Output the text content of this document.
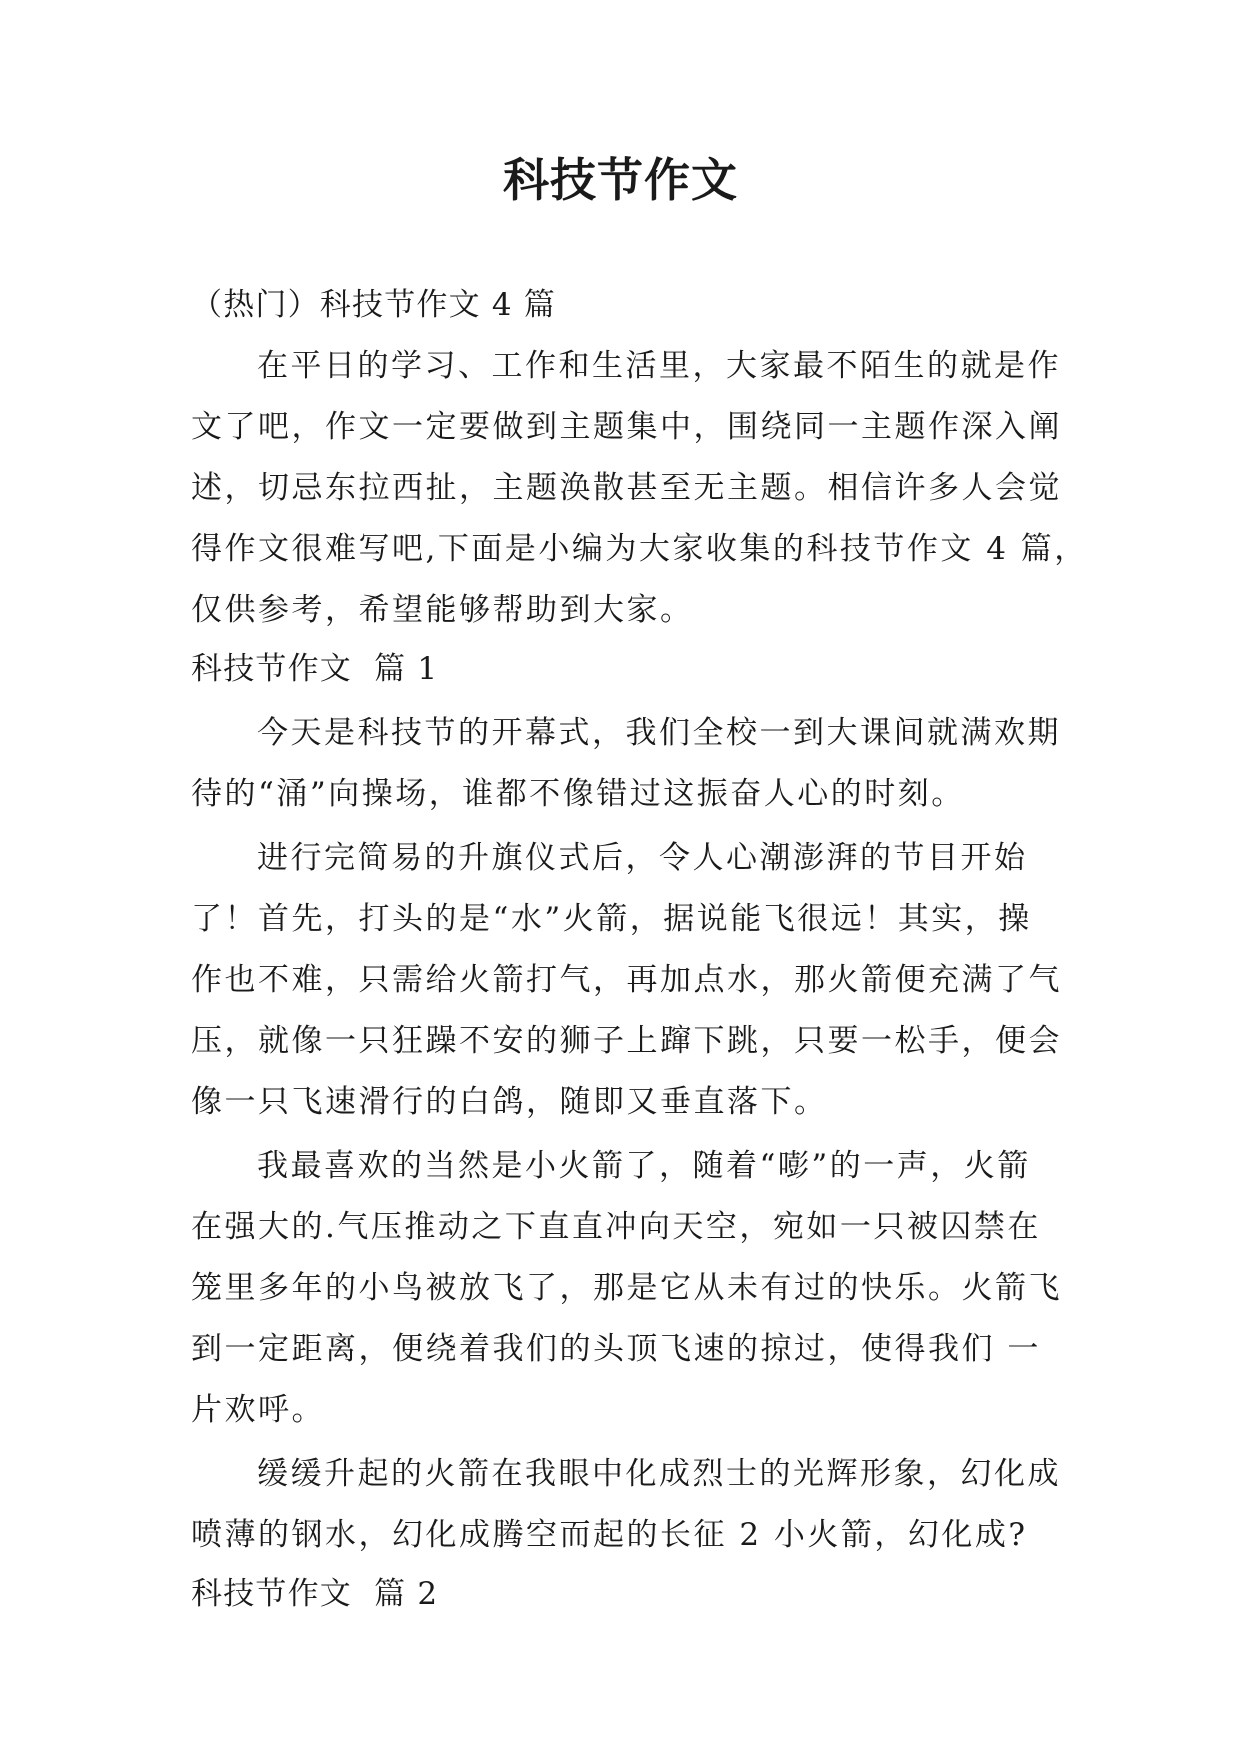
科技节作文

（热门）科技节作文 4 篇

在平日的学习、工作和生活里，大家最不陌生的就是作

文了吧，作文一定要做到主题集中，围绕同一主题作深入阐

述，切忌东拉西扯，主题涣散甚至无主题。相信许多人会觉

得作文很难写吧,下面是小编为大家收集的科技节作文 4 篇，

仅供参考，希望能够帮助到大家。

科技节作文  篇 1

今天是科技节的开幕式，我们全校一到大课间就满欢期

待的“涌”向操场，谁都不像错过这振奋人心的时刻。

进行完简易的升旗仪式后，令人心潮澎湃的节目开始

了！首先，打头的是“水”火箭，据说能飞很远！其实，操

作也不难，只需给火箭打气，再加点水，那火箭便充满了气

压，就像一只狂躁不安的狮子上蹿下跳，只要一松手，便会

像一只飞速滑行的白鸽，随即又垂直落下。

我最喜欢的当然是小火箭了，随着“嘭”的一声，火箭

在强大的.气压推动之下直直冲向天空，宛如一只被囚禁在

笼里多年的小鸟被放飞了，那是它从未有过的快乐。火箭飞

到一定距离，便绕着我们的头顶飞速的掠过，使得我们 一

片欢呼。

缓缓升起的火箭在我眼中化成烈士的光辉形象，幻化成

喷薄的钢水，幻化成腾空而起的长征 2 小火箭，幻化成?

科技节作文  篇 2
